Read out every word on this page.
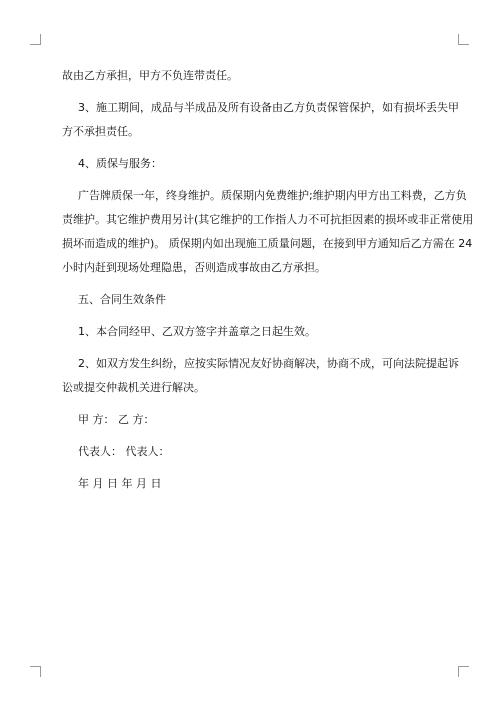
故由乙方承担，甲方不负连带责任。
3、施工期间，成品与半成品及所有设备由乙方负责保管保护，如有损坏丢失甲
方不承担责任。
4、质保与服务：
广告牌质保一年，终身维护。质保期内免费维护;维护期内甲方出工料费，乙方负
责维护。其它维护费用另计(其它维护的工作指人力不可抗拒因素的损坏或非正常使用
损坏而造成的维护)。 质保期内如出现施工质量问题，在接到甲方通知后乙方需在 24
小时内赶到现场处理隐患，否则造成事故由乙方承担。
五、合同生效条件
1、本合同经甲、乙双方签字并盖章之日起生效。
2、如双方发生纠纷，应按实际情况友好协商解决，协商不成，可向法院提起诉
讼或提交仲裁机关进行解决。
甲 方： 乙 方：
代表人： 代表人：
年 月 日 年 月 日
